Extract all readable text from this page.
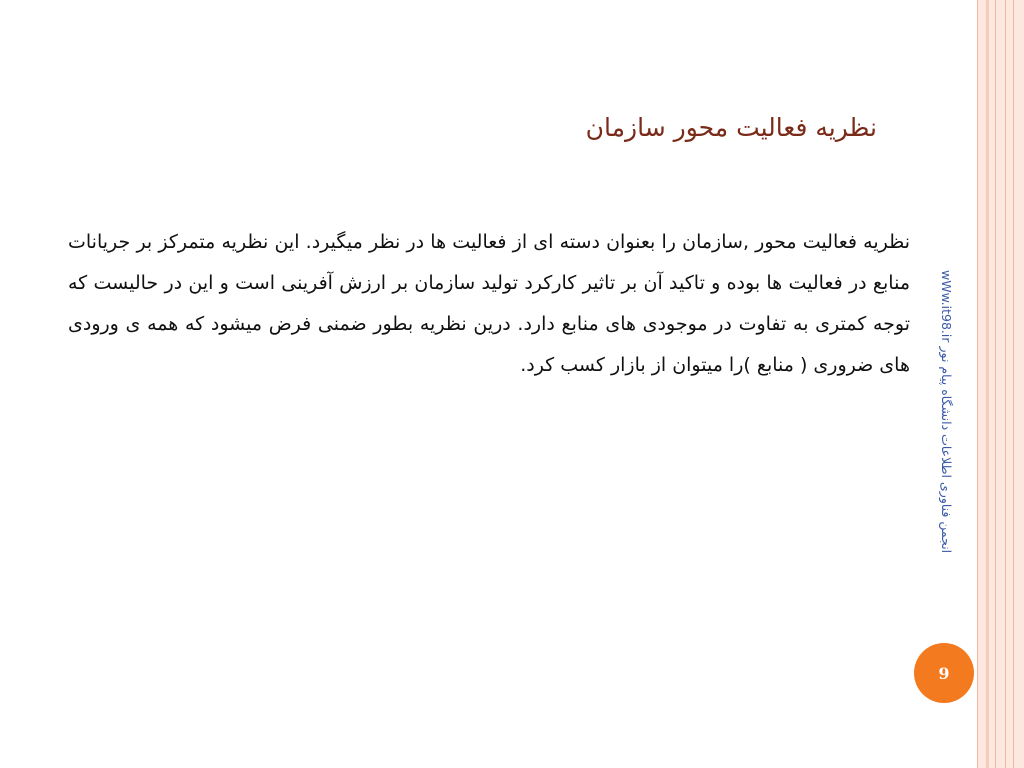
نظریه فعالیت محور سازمان
نظریه فعالیت محور ,سازمان را بعنوان دسته ای از فعالیت ها در نظر میگیرد. این نظریه متمرکز بر جریانات منابع در فعالیت ها بوده و تاکید آن بر تاثیر کارکرد تولید سازمان بر ارزش آفرینی است و این در حالیست که توجه کمتری به تفاوت در موجودی های منابع دارد. درین نظریه بطور ضمنی فرض میشود که همه ی ورودی های ضروری ( منابع )را میتوان از بازار کسب کرد.
wWw.it98.ir انجمن فناوری اطلاعات دانشگاه پیام نور
9
